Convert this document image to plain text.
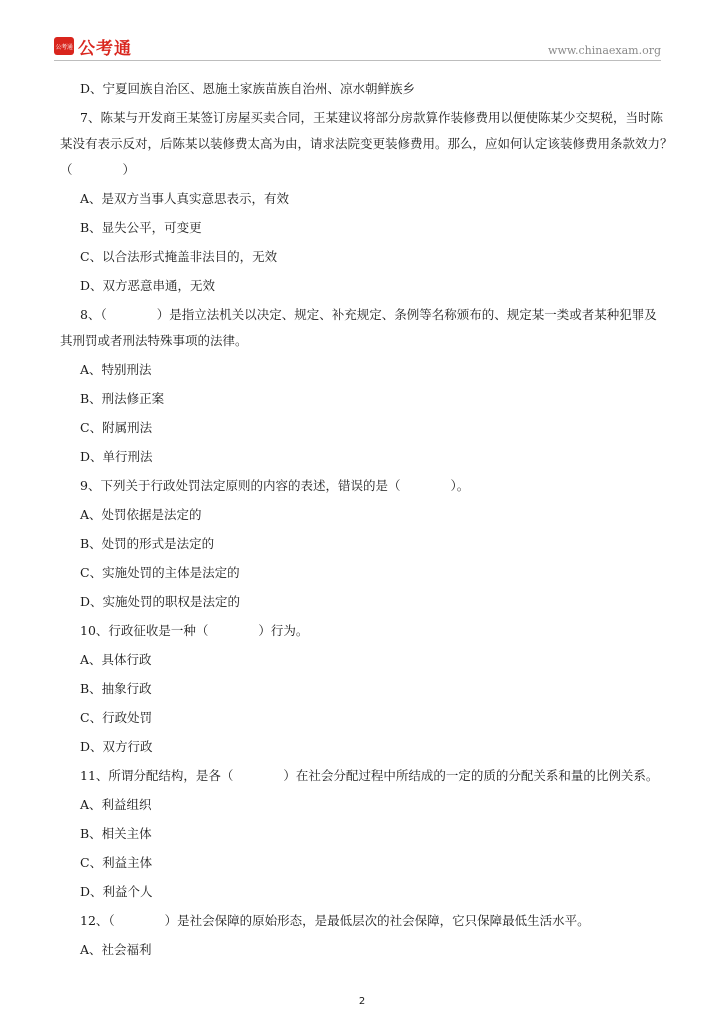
公考通 公考通	www.chinaexam.org
D、宁夏回族自治区、恩施土家族苗族自治州、凉水朝鲜族乡
7、陈某与开发商王某签订房屋买卖合同，王某建议将部分房款算作装修费用以便使陈某少交契税，当时陈
某没有表示反对，后陈某以装修费太高为由，请求法院变更装修费用。那么，应如何认定该装修费用条款效力？
（　　　　）
A、是双方当事人真实意思表示，有效
B、显失公平，可变更
C、以合法形式掩盖非法目的，无效
D、双方恶意串通，无效
8、（　　　　）是指立法机关以决定、规定、补充规定、条例等名称颁布的、规定某一类或者某种犯罪及
其刑罚或者刑法特殊事项的法律。
A、特别刑法
B、刑法修正案
C、附属刑法
D、单行刑法
9、下列关于行政处罚法定原则的内容的表述，错误的是（　　　　）。
A、处罚依据是法定的
B、处罚的形式是法定的
C、实施处罚的主体是法定的
D、实施处罚的职权是法定的
10、行政征收是一种（　　　　）行为。
A、具体行政
B、抽象行政
C、行政处罚
D、双方行政
11、所谓分配结构，是各（　　　　）在社会分配过程中所结成的一定的质的分配关系和量的比例关系。
A、利益组织
B、相关主体
C、利益主体
D、利益个人
12、（　　　　）是社会保障的原始形态，是最低层次的社会保障，它只保障最低生活水平。
A、社会福利
2
